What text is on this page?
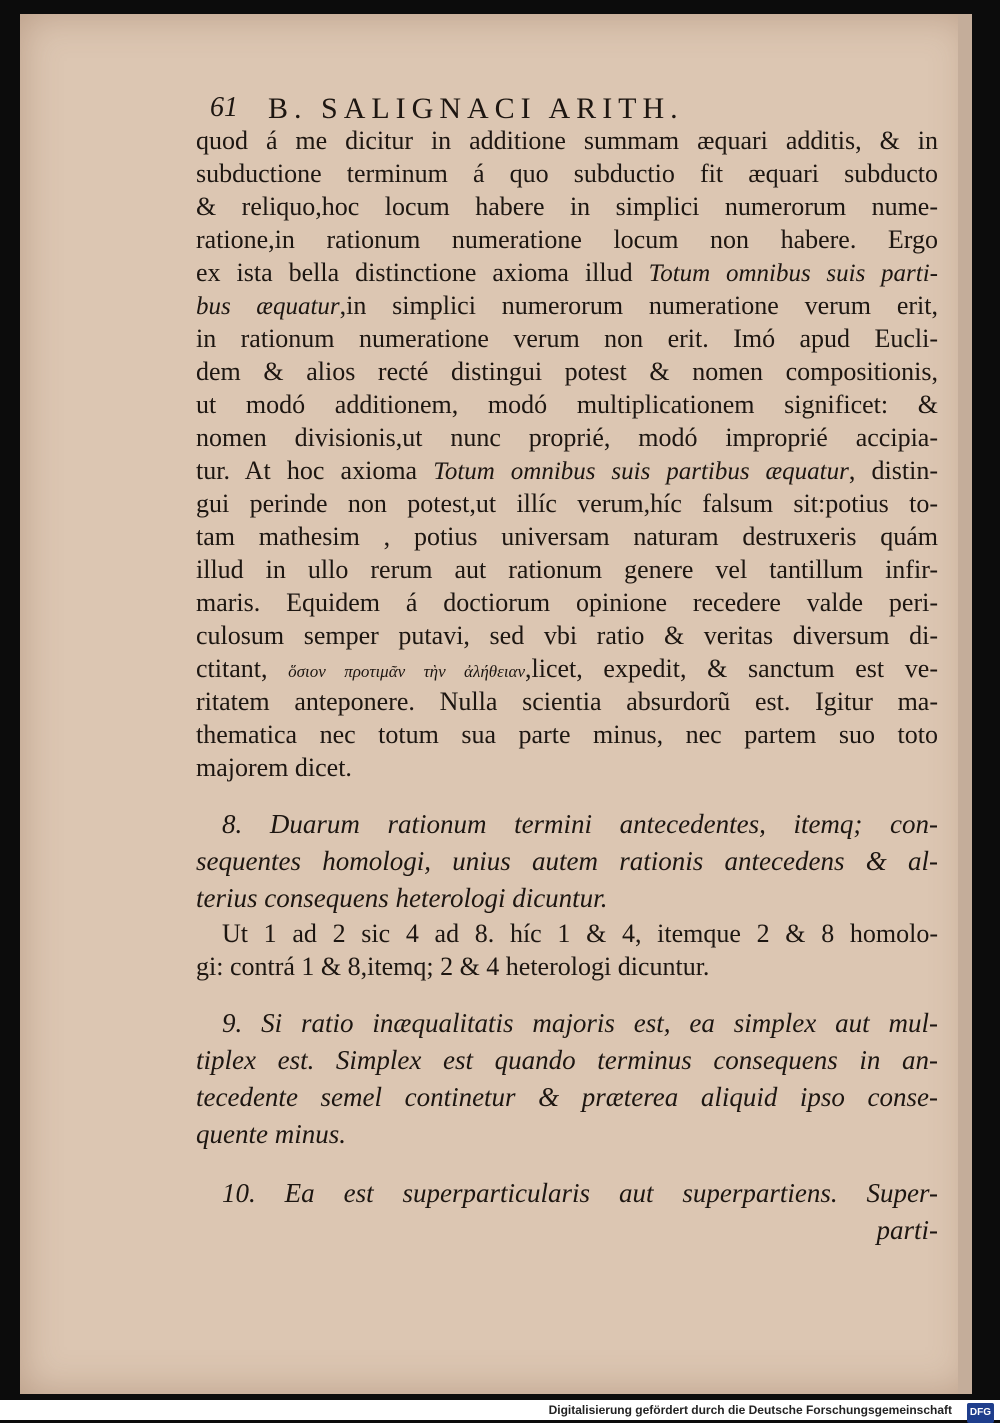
61 B. SALIGNACI ARITH.
quod á me dicitur in additione summam æquari additis, & in
subductione terminum á quo subductio fit æquari subducto
& reliquo,hoc locum habere in simplici numerorum nume-
ratione,in rationum numeratione locum non habere. Ergo
ex ista bella distinctione axioma illud Totum omnibus suis parti-
bus æquatur,in simplici numerorum numeratione verum erit,
in rationum numeratione verum non erit. Imó apud Eucli-
dem & alios recté distingui potest & nomen compositionis,
ut modó additionem, modó multiplicationem significet: &
nomen divisionis,ut nunc proprié, modó improprié accipia-
tur. At hoc axioma Totum omnibus suis partibus æquatur, distin-
gui perinde non potest,ut illíc verum,híc falsum sit:potius to-
tam mathesim , potius universam naturam destruxeris quám
illud in ullo rerum aut rationum genere vel tantillum infir-
maris. Equidem á doctiorum opinione recedere valde peri-
culosum semper putavi, sed vbi ratio & veritas diversum di-
ctitant, ὅσιον προτιμᾶν τὴν ἀλήθειαν,licet, expedit, & sanctum est ve-
ritatem anteponere. Nulla scientia absurdorũ est. Igitur ma-
thematica nec totum sua parte minus, nec partem suo toto
majorem dicet.
8. Duarum rationum termini antecedentes, itemq; con-
sequentes homologi, unius autem rationis antecedens & al-
terius consequens heterologi dicuntur.
Ut 1 ad 2 sic 4 ad 8. híc 1 & 4, itemque 2 & 8 homolo-
gi: contrá 1 & 8,itemq; 2 & 4 heterologi dicuntur.
9. Si ratio inæqualitatis majoris est, ea simplex aut mul-
tiplex est. Simplex est quando terminus consequens in an-
tecedente semel continetur & præterea aliquid ipso conse-
quente minus.
10. Ea est superparticularis aut superpartiens. Super-
parti-
Digitalisierung gefördert durch die Deutsche Forschungsgemeinschaft	DFG
